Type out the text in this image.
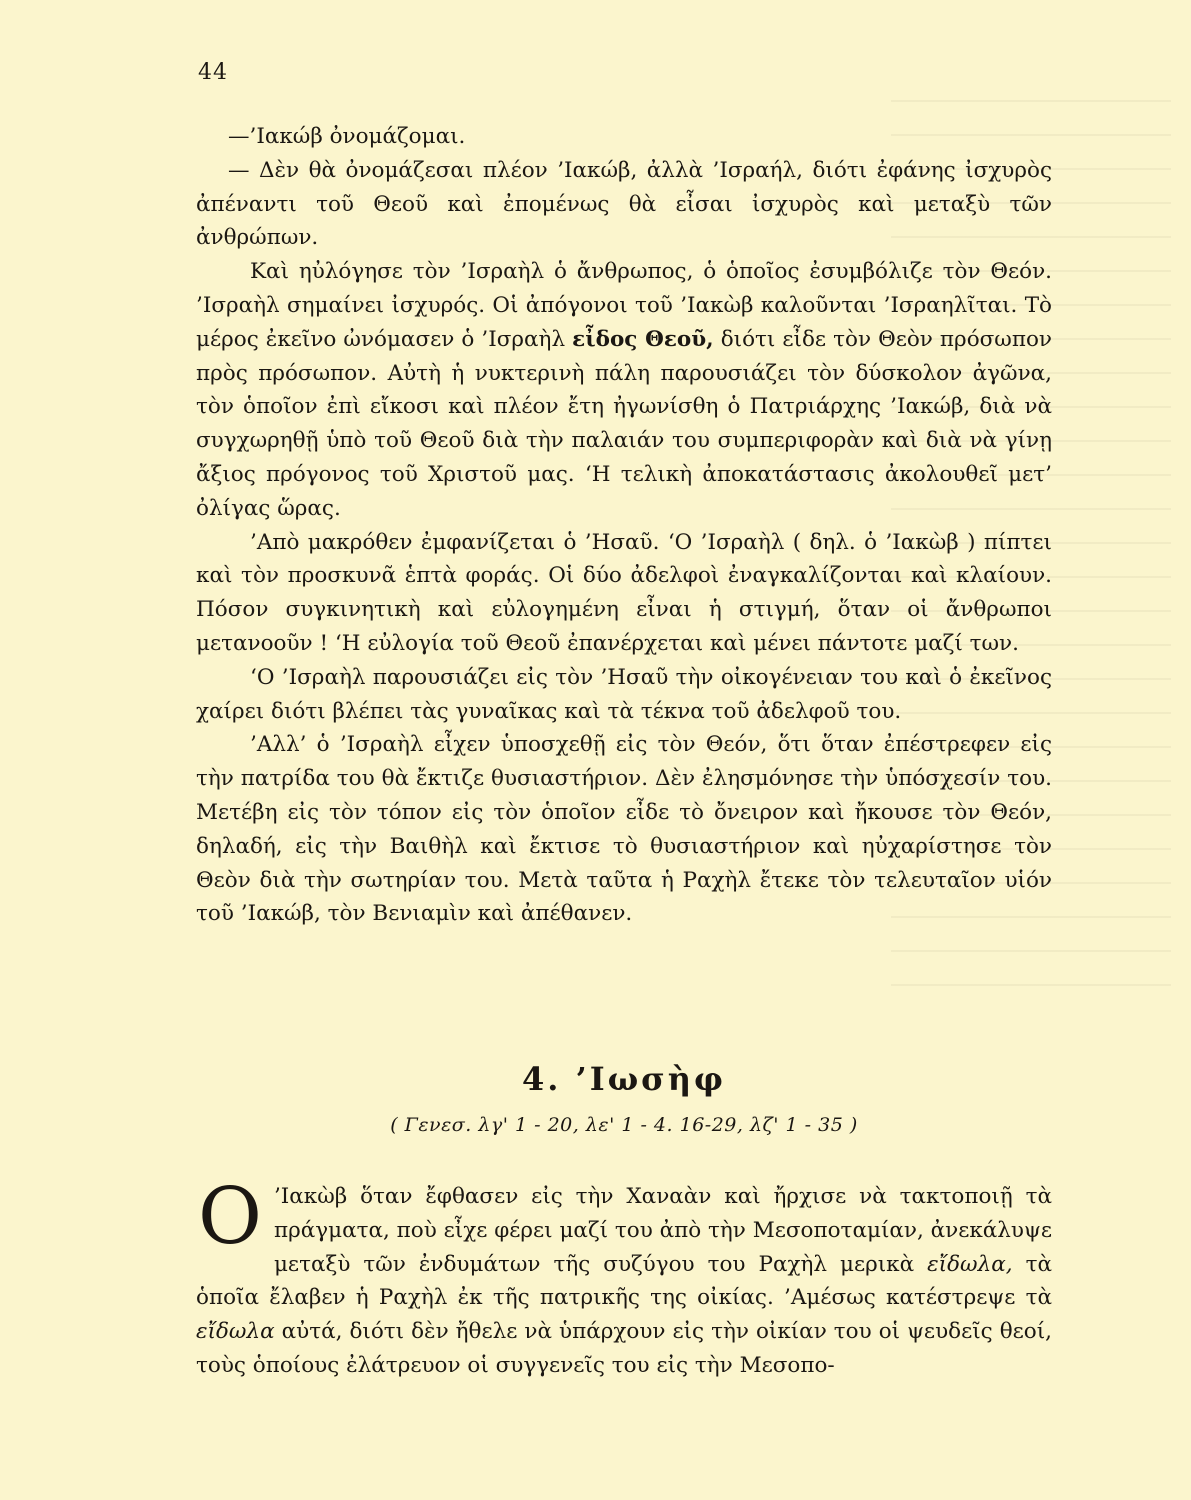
44

—’Ιακώβ ὀνομάζομαι.

— Δὲν θὰ ὀνομάζεσαι πλέον ’Ιακώβ, ἀλλὰ ’Ισραήλ, διότι ἐφάνης ἰσχυρὸς ἀπέναντι τοῦ Θεοῦ καὶ ἐπομένως θὰ εἶσαι ἰσχυρὸς καὶ μεταξὺ τῶν ἀνθρώπων.

Καὶ ηὐλόγησε τὸν ’Ισραὴλ ὁ ἄνθρωπος, ὁ ὁποῖος ἐσυμβόλιζε τὸν Θεόν. ’Ισραὴλ σημαίνει ἰσχυρός. Οἱ ἀπόγονοι τοῦ ’Ιακὼβ καλοῦνται ’Ισραηλῖται. Τὸ μέρος ἐκεῖνο ὠνόμασεν ὁ ’Ισραὴλ εἶδος Θεοῦ, διότι εἶδε τὸν Θεὸν πρόσωπον πρὸς πρόσωπον. Αὐτὴ ἡ νυκτερινὴ πάλη παρουσιάζει τὸν δύσκολον ἀγῶνα, τὸν ὁποῖον ἐπὶ εἴκοσι καὶ πλέον ἔτη ἠγωνίσθη ὁ Πατριάρχης ’Ιακώβ, διὰ νὰ συγχωρηθῇ ὑπὸ τοῦ Θεοῦ διὰ τὴν παλαιάν του συμπεριφορὰν καὶ διὰ νὰ γίνῃ ἄξιος πρόγονος τοῦ Χριστοῦ μας. ‘Η τελικὴ ἀποκατάστασις ἀκολουθεῖ μετ’ ὀλίγας ὥρας.

’Απὸ μακρόθεν ἐμφανίζεται ὁ ’Ησαῦ. ‘Ο ’Ισραὴλ ( δηλ. ὁ ’Ιακὼβ ) πίπτει καὶ τὸν προσκυνᾶ ἑπτὰ φοράς. Οἱ δύο ἀδελφοὶ ἐναγκαλίζονται καὶ κλαίουν. Πόσον συγκινητικὴ καὶ εὐλογημένη εἶναι ἡ στιγμή, ὅταν οἱ ἄνθρωποι μετανοοῦν ! ‘Η εὐλογία τοῦ Θεοῦ ἐπανέρχεται καὶ μένει πάντοτε μαζί των.

‘Ο ’Ισραὴλ παρουσιάζει εἰς τὸν ’Ησαῦ τὴν οἰκογένειαν του καὶ ὁ ἐκεῖνος χαίρει διότι βλέπει τὰς γυναῖκας καὶ τὰ τέκνα τοῦ ἀδελφοῦ του.

’Αλλ’ ὁ ’Ισραὴλ εἶχεν ὑποσχεθῇ εἰς τὸν Θεόν, ὅτι ὅταν ἐπέστρεφεν εἰς τὴν πατρίδα του θὰ ἔκτιζε θυσιαστήριον. Δὲν ἐλησμόνησε τὴν ὑπόσχεσίν του. Μετέβη εἰς τὸν τόπον εἰς τὸν ὁποῖον εἶδε τὸ ὄνειρον καὶ ἤκουσε τὸν Θεόν, δηλαδή, εἰς τὴν Βαιθὴλ καὶ ἔκτισε τὸ θυσιαστήριον καὶ ηὐχαρίστησε τὸν Θεὸν διὰ τὴν σωτηρίαν του. Μετὰ ταῦτα ἡ Ραχὴλ ἔτεκε τὸν τελευταῖον υἱόν τοῦ ’Ιακώβ, τὸν Βενιαμὶν καὶ ἀπέθανεν.

4. ’Ιωσὴφ
( Γενεσ. λγ' 1 - 20, λε' 1 - 4. 16-29, λζ' 1 - 35 )

Ο ’Ιακὼβ ὅταν ἔφθασεν εἰς τὴν Χαναὰν καὶ ἤρχισε νὰ τακτοποιῇ τὰ πράγματα, ποὺ εἶχε φέρει μαζί του ἀπὸ τὴν Μεσοποταμίαν, ἀνεκάλυψε μεταξὺ τῶν ἐνδυμάτων τῆς συζύγου του Ραχὴλ μερικὰ εἴδωλα, τὰ ὁποῖα ἔλαβεν ἡ Ραχὴλ ἐκ τῆς πατρικῆς της οἰκίας. ’Αμέσως κατέστρεψε τὰ εἴδωλα αὐτά, διότι δὲν ἤθελε νὰ ὑπάρχουν εἰς τὴν οἰκίαν του οἱ ψευδεῖς θεοί, τοὺς ὁποίους ἐλάτρευον οἱ συγγενεῖς του εἰς τὴν Μεσοπο-
